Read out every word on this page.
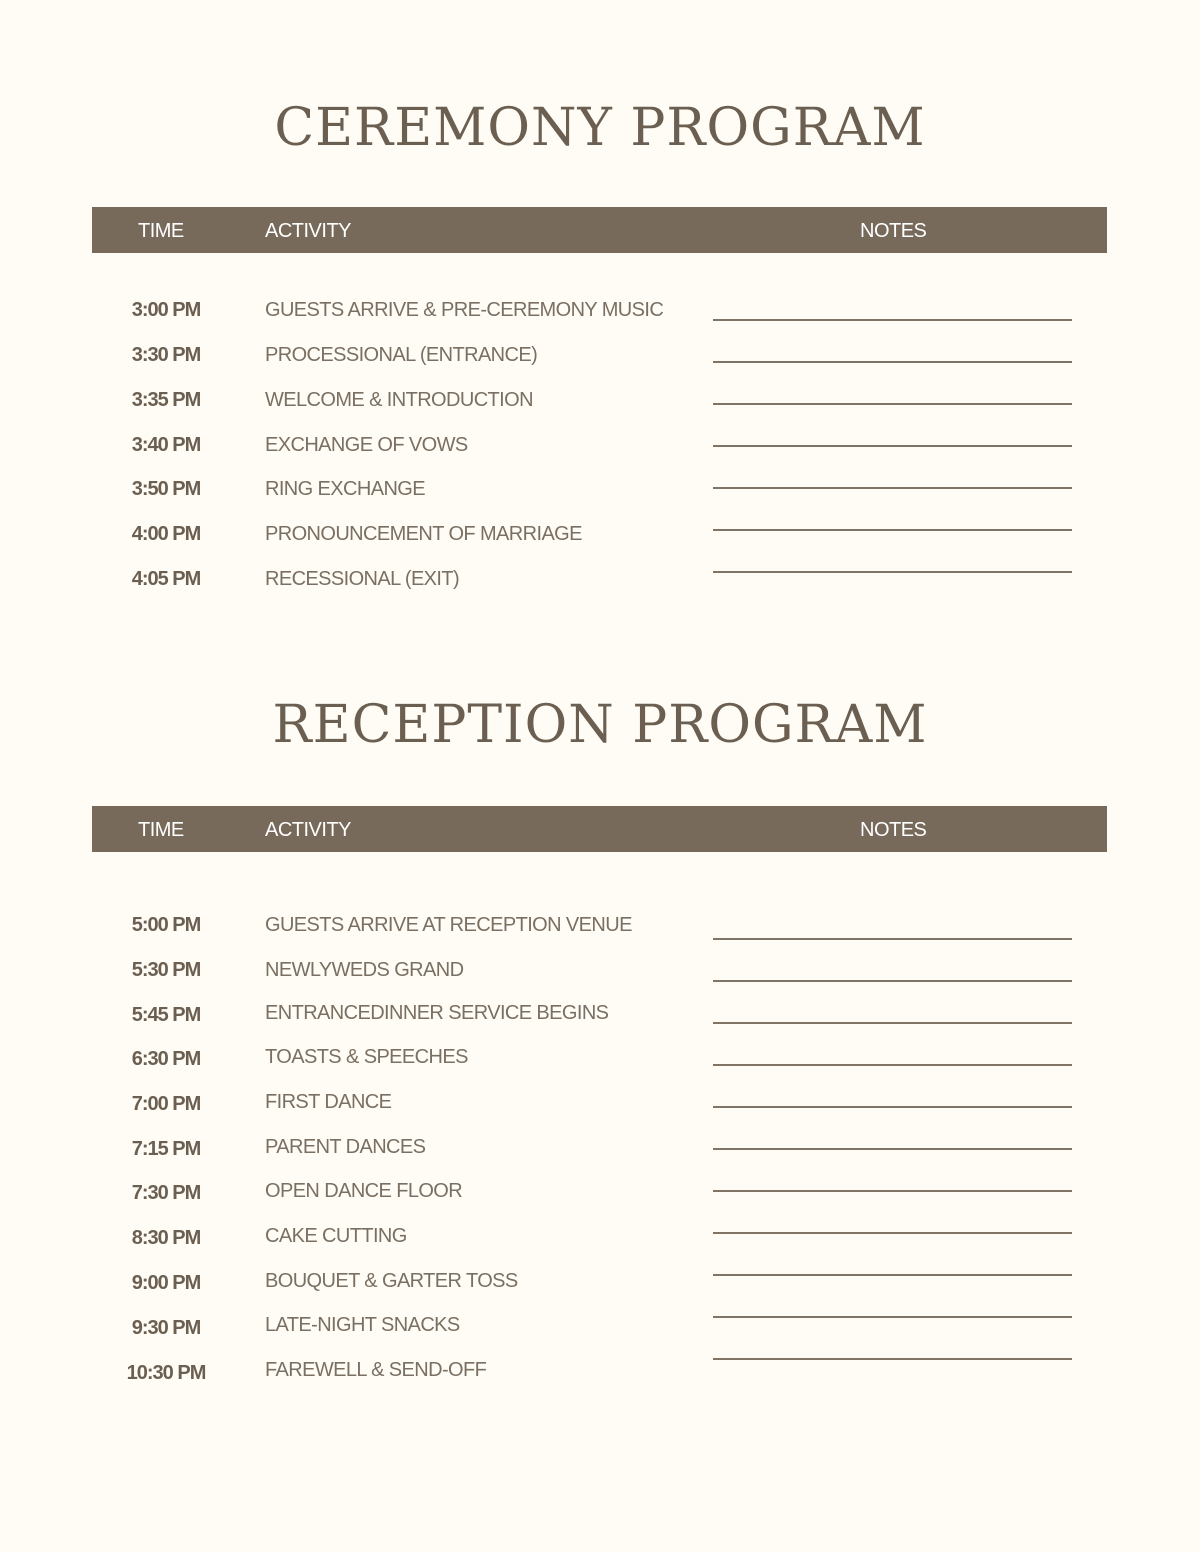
CEREMONY PROGRAM
TIME	ACTIVITY	NOTES
3:00 PM	GUESTS ARRIVE & PRE-CEREMONY MUSIC
3:30 PM	PROCESSIONAL (ENTRANCE)
3:35 PM	WELCOME & INTRODUCTION
3:40 PM	EXCHANGE OF VOWS
3:50 PM	RING EXCHANGE
4:00 PM	PRONOUNCEMENT OF MARRIAGE
4:05 PM	RECESSIONAL (EXIT)
RECEPTION PROGRAM
TIME	ACTIVITY	NOTES
5:00 PM	GUESTS ARRIVE AT RECEPTION VENUE
5:30 PM	NEWLYWEDS GRAND
5:45 PM	ENTRANCEDINNER SERVICE BEGINS
6:30 PM	TOASTS & SPEECHES
7:00 PM	FIRST DANCE
7:15 PM	PARENT DANCES
7:30 PM	OPEN DANCE FLOOR
8:30 PM	CAKE CUTTING
9:00 PM	BOUQUET & GARTER TOSS
9:30 PM	LATE-NIGHT SNACKS
10:30 PM	FAREWELL & SEND-OFF
